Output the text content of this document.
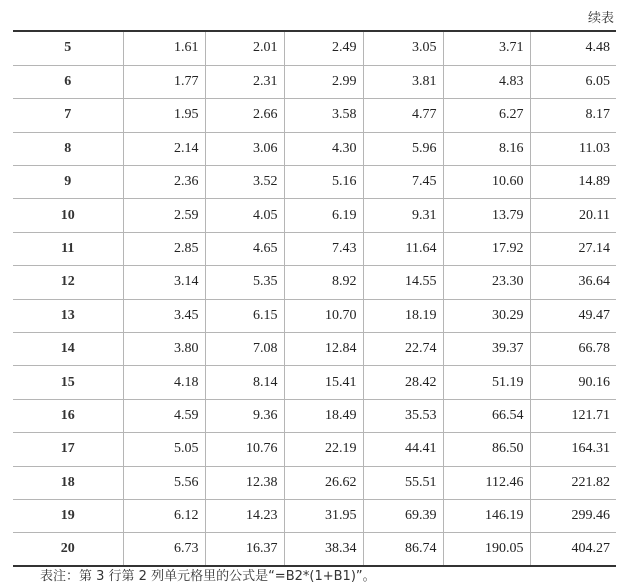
续表

5	1.61	2.01	2.49	3.05	3.71	4.48
6	1.77	2.31	2.99	3.81	4.83	6.05
7	1.95	2.66	3.58	4.77	6.27	8.17
8	2.14	3.06	4.30	5.96	8.16	11.03
9	2.36	3.52	5.16	7.45	10.60	14.89
10	2.59	4.05	6.19	9.31	13.79	20.11
11	2.85	4.65	7.43	11.64	17.92	27.14
12	3.14	5.35	8.92	14.55	23.30	36.64
13	3.45	6.15	10.70	18.19	30.29	49.47
14	3.80	7.08	12.84	22.74	39.37	66.78
15	4.18	8.14	15.41	28.42	51.19	90.16
16	4.59	9.36	18.49	35.53	66.54	121.71
17	5.05	10.76	22.19	44.41	86.50	164.31
18	5.56	12.38	26.62	55.51	112.46	221.82
19	6.12	14.23	31.95	69.39	146.19	299.46
20	6.73	16.37	38.34	86.74	190.05	404.27
表注：第 3 行第 2 列单元格里的公式是“=B2*(1+B1)”。
